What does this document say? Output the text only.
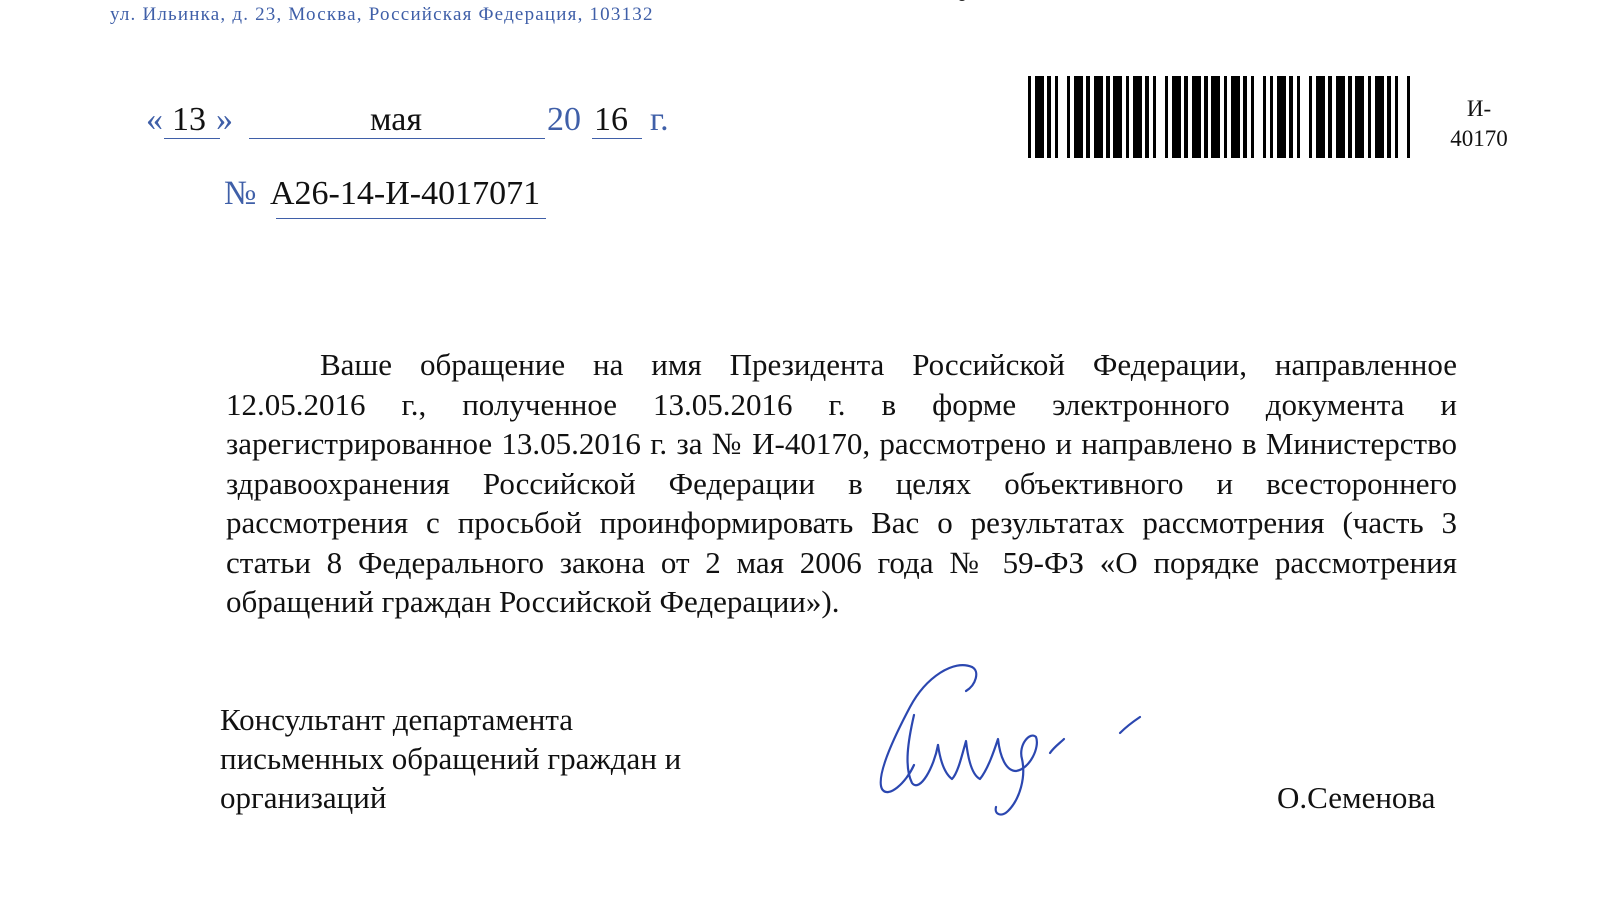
ул. Ильинка, д. 23, Москва, Российская Федерация, 103132
« 13 »	мая	20 16 г.
№ А26-14-И-4017071
И-
40170

Ваше обращение на имя Президента Российской Федерации, направленное 12.05.2016 г., полученное 13.05.2016 г. в форме электронного документа и зарегистрированное 13.05.2016 г. за № И-40170, рассмотрено и направлено в Министерство здравоохранения Российской Федерации в целях объективного и всестороннего рассмотрения с просьбой проинформировать Вас о результатах рассмотрения (часть 3 статьи 8 Федерального закона от 2 мая 2006 года № 59-ФЗ «О порядке рассмотрения обращений граждан Российской Федерации»).

Консультант департамента
письменных обращений граждан и
организаций	О.Семенова
